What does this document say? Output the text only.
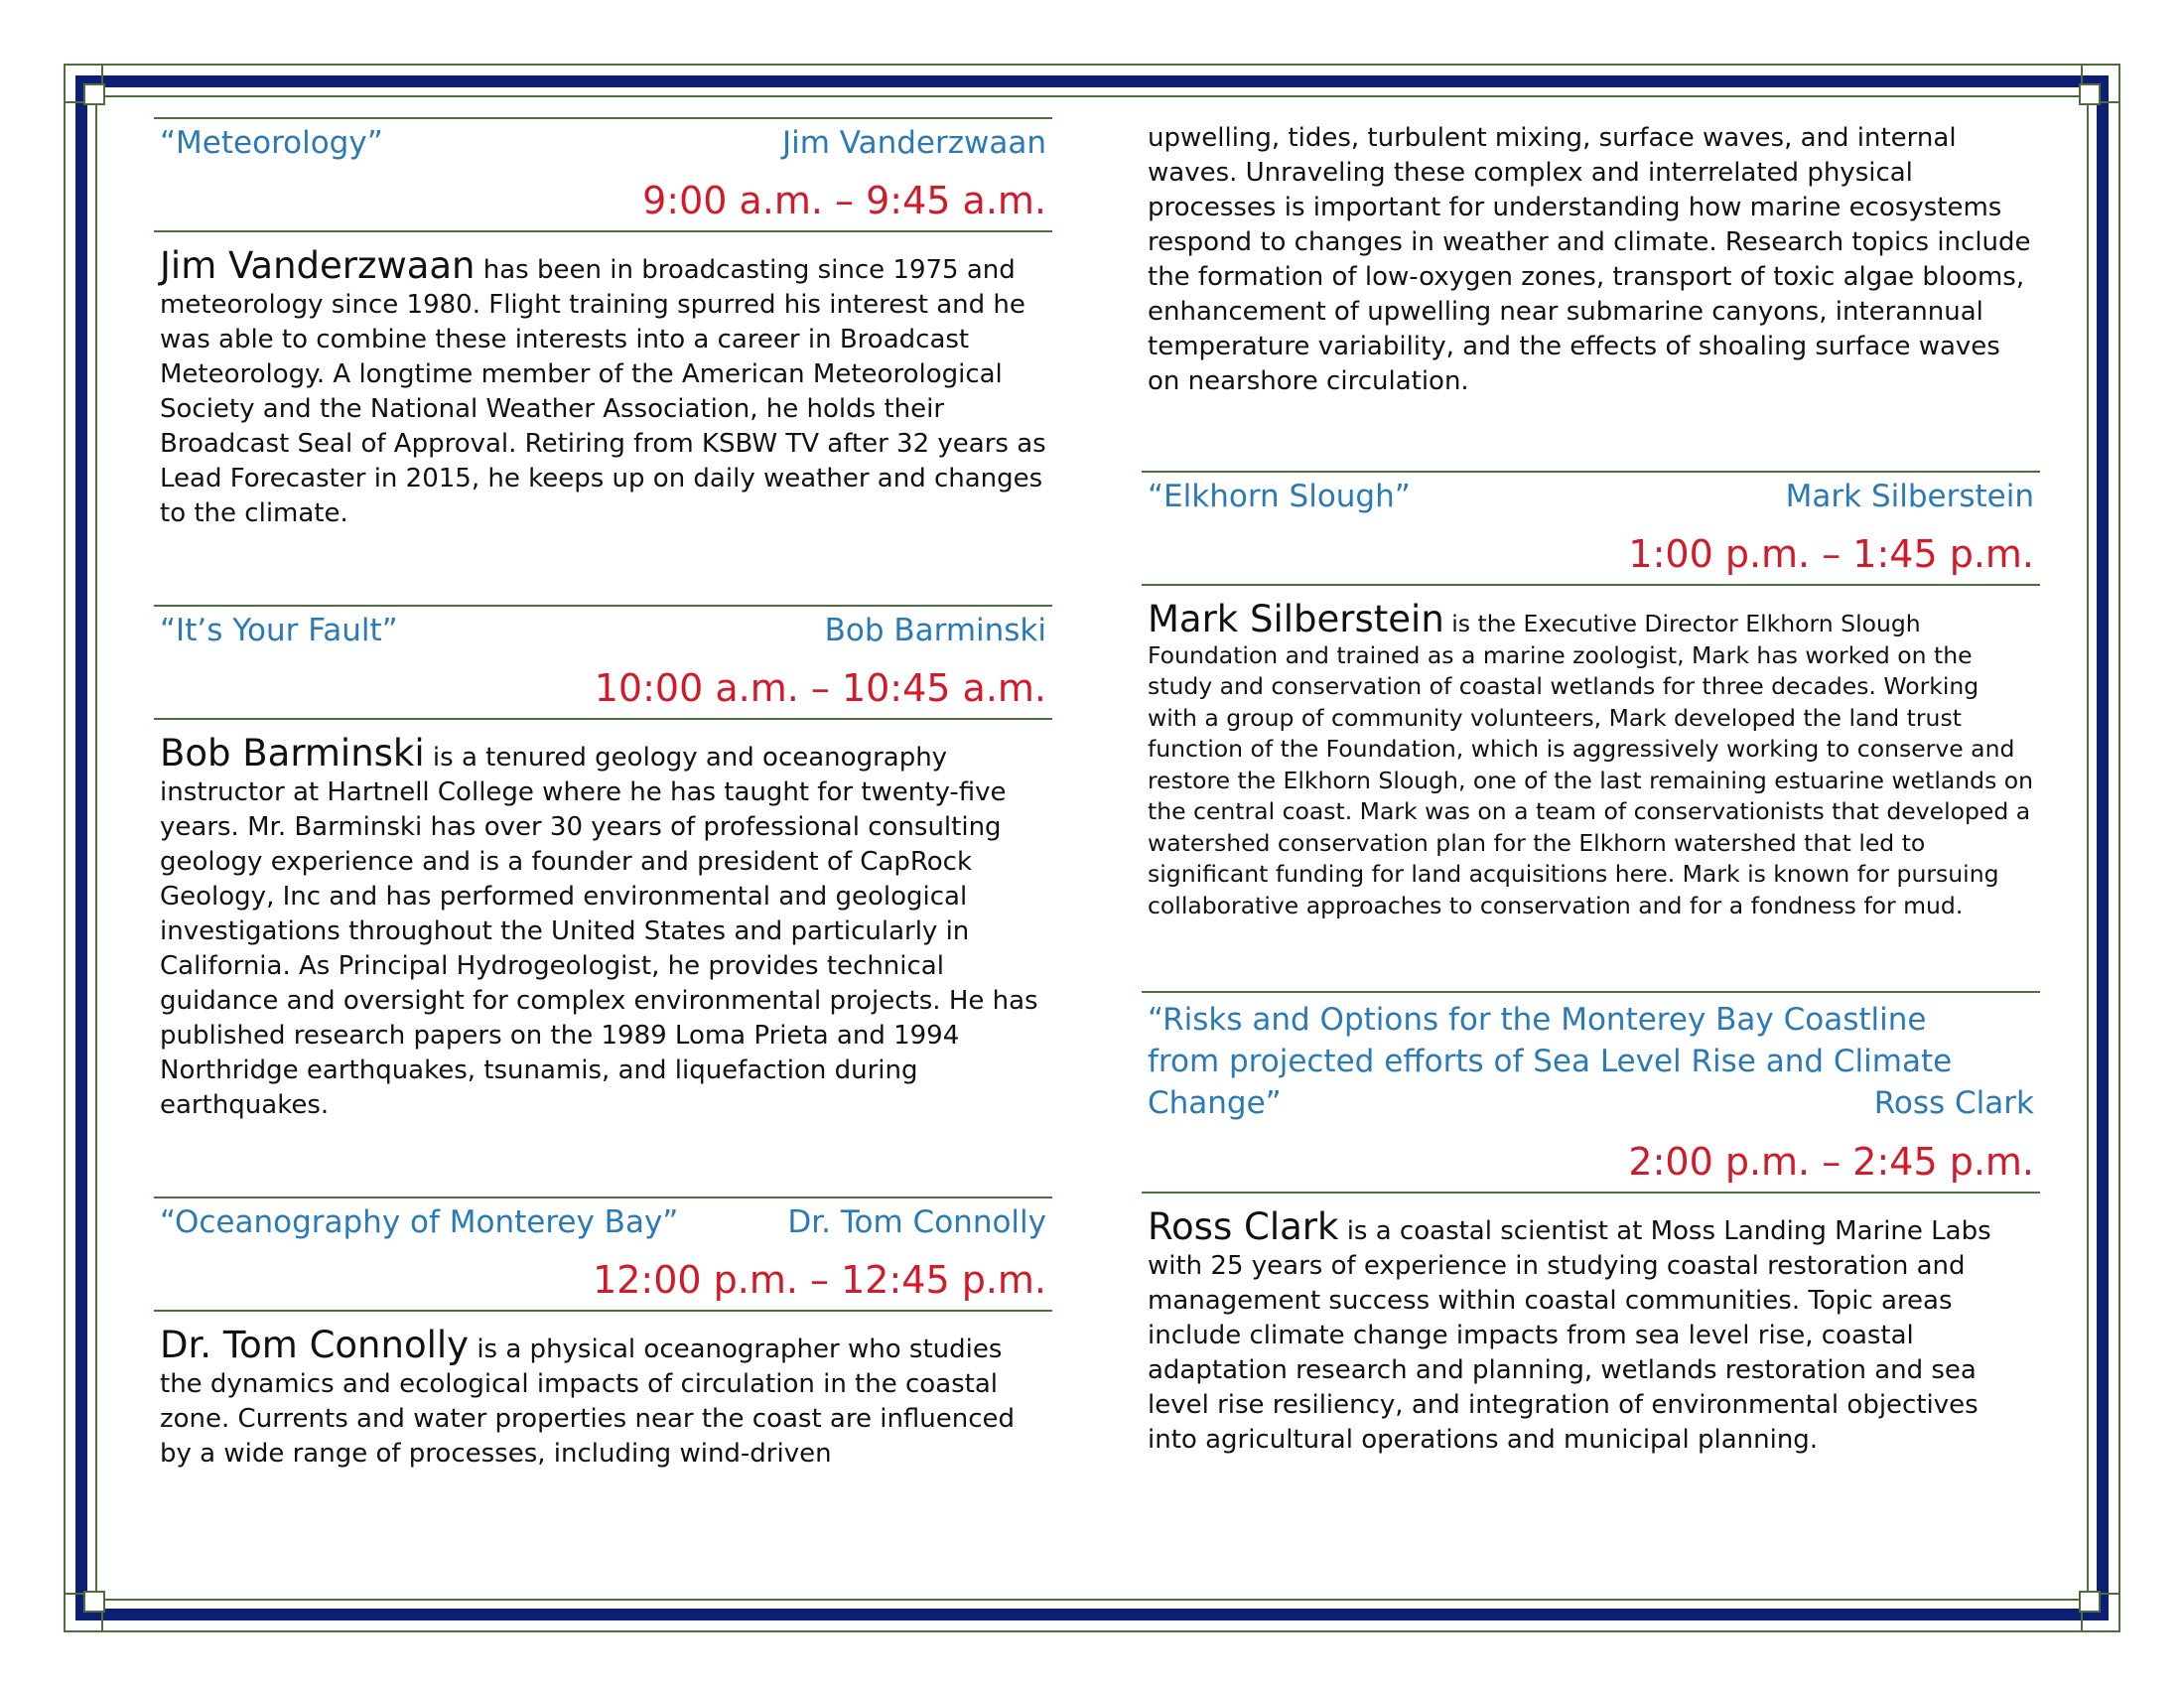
“Meteorology”	Jim Vanderzwaan
9:00 a.m. – 9:45 a.m.

Jim Vanderzwaan has been in broadcasting since 1975 and meteorology since 1980. Flight training spurred his interest and he was able to combine these interests into a career in Broadcast Meteorology. A longtime member of the American Meteorological Society and the National Weather Association, he holds their Broadcast Seal of Approval. Retiring from KSBW TV after 32 years as Lead Forecaster in 2015, he keeps up on daily weather and changes to the climate.

“It’s Your Fault”	Bob Barminski
10:00 a.m. – 10:45 a.m.

Bob Barminski is a tenured geology and oceanography instructor at Hartnell College where he has taught for twenty-five years. Mr. Barminski has over 30 years of professional consulting geology experience and is a founder and president of CapRock Geology, Inc and has performed environmental and geological investigations throughout the United States and particularly in California. As Principal Hydrogeologist, he provides technical guidance and oversight for complex environmental projects. He has published research papers on the 1989 Loma Prieta and 1994 Northridge earthquakes, tsunamis, and liquefaction during earthquakes.

“Oceanography of Monterey Bay”	Dr. Tom Connolly
12:00 p.m. – 12:45 p.m.

Dr. Tom Connolly is a physical oceanographer who studies the dynamics and ecological impacts of circulation in the coastal zone. Currents and water properties near the coast are influenced by a wide range of processes, including wind-driven

upwelling, tides, turbulent mixing, surface waves, and internal waves. Unraveling these complex and interrelated physical processes is important for understanding how marine ecosystems respond to changes in weather and climate. Research topics include the formation of low-oxygen zones, transport of toxic algae blooms, enhancement of upwelling near submarine canyons, interannual temperature variability, and the effects of shoaling surface waves on nearshore circulation.

“Elkhorn Slough”	Mark Silberstein
1:00 p.m. – 1:45 p.m.

Mark Silberstein is the Executive Director Elkhorn Slough Foundation and trained as a marine zoologist, Mark has worked on the study and conservation of coastal wetlands for three decades. Working with a group of community volunteers, Mark developed the land trust function of the Foundation, which is aggressively working to conserve and restore the Elkhorn Slough, one of the last remaining estuarine wetlands on the central coast. Mark was on a team of conservationists that developed a watershed conservation plan for the Elkhorn watershed that led to significant funding for land acquisitions here. Mark is known for pursuing collaborative approaches to conservation and for a fondness for mud.

“Risks and Options for the Monterey Bay Coastline
from projected efforts of Sea Level Rise and Climate
Change”	Ross Clark
2:00 p.m. – 2:45 p.m.

Ross Clark is a coastal scientist at Moss Landing Marine Labs with 25 years of experience in studying coastal restoration and management success within coastal communities. Topic areas include climate change impacts from sea level rise, coastal adaptation research and planning, wetlands restoration and sea level rise resiliency, and integration of environmental objectives into agricultural operations and municipal planning.
